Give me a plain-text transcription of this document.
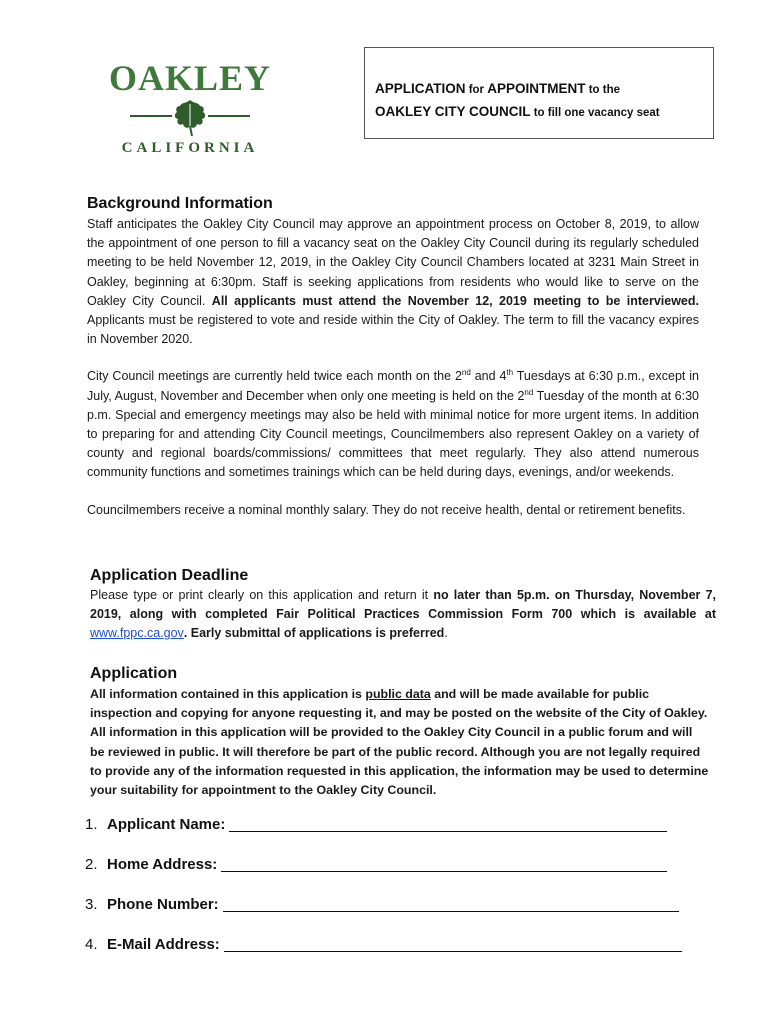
OAKLEY
CALIFORNIA
APPLICATION for APPOINTMENT to the
OAKLEY CITY COUNCIL to fill one vacancy seat
Background Information

Staff anticipates the Oakley City Council may approve an appointment process on October 8, 2019, to allow the appointment of one person to fill a vacancy seat on the Oakley City Council during its regularly scheduled meeting to be held November 12, 2019, in the Oakley City Council Chambers located at 3231 Main Street in Oakley, beginning at 6:30pm. Staff is seeking applications from residents who would like to serve on the Oakley City Council. All applicants must attend the November 12, 2019 meeting to be interviewed. Applicants must be registered to vote and reside within the City of Oakley. The term to fill the vacancy expires in November 2020.

City Council meetings are currently held twice each month on the 2nd and 4th Tuesdays at 6:30 p.m., except in July, August, November and December when only one meeting is held on the 2nd Tuesday of the month at 6:30 p.m. Special and emergency meetings may also be held with minimal notice for more urgent items. In addition to preparing for and attending City Council meetings, Councilmembers also represent Oakley on a variety of county and regional boards/commissions/ committees that meet regularly. They also attend numerous community functions and sometimes trainings which can be held during days, evenings, and/or weekends.

Councilmembers receive a nominal monthly salary. They do not receive health, dental or retirement benefits.

Application Deadline

Please type or print clearly on this application and return it no later than 5p.m. on Thursday, November 7, 2019, along with completed Fair Political Practices Commission Form 700 which is available at www.fppc.ca.gov. Early submittal of applications is preferred.

Application

All information contained in this application is public data and will be made available for public inspection and copying for anyone requesting it, and may be posted on the website of the City of Oakley. All information in this application will be provided to the Oakley City Council in a public forum and will be reviewed in public. It will therefore be part of the public record. Although you are not legally required to provide any of the information requested in this application, the information may be used to determine your suitability for appointment to the Oakley City Council.

1. Applicant Name:
2. Home Address:
3. Phone Number:
4. E-Mail Address:
